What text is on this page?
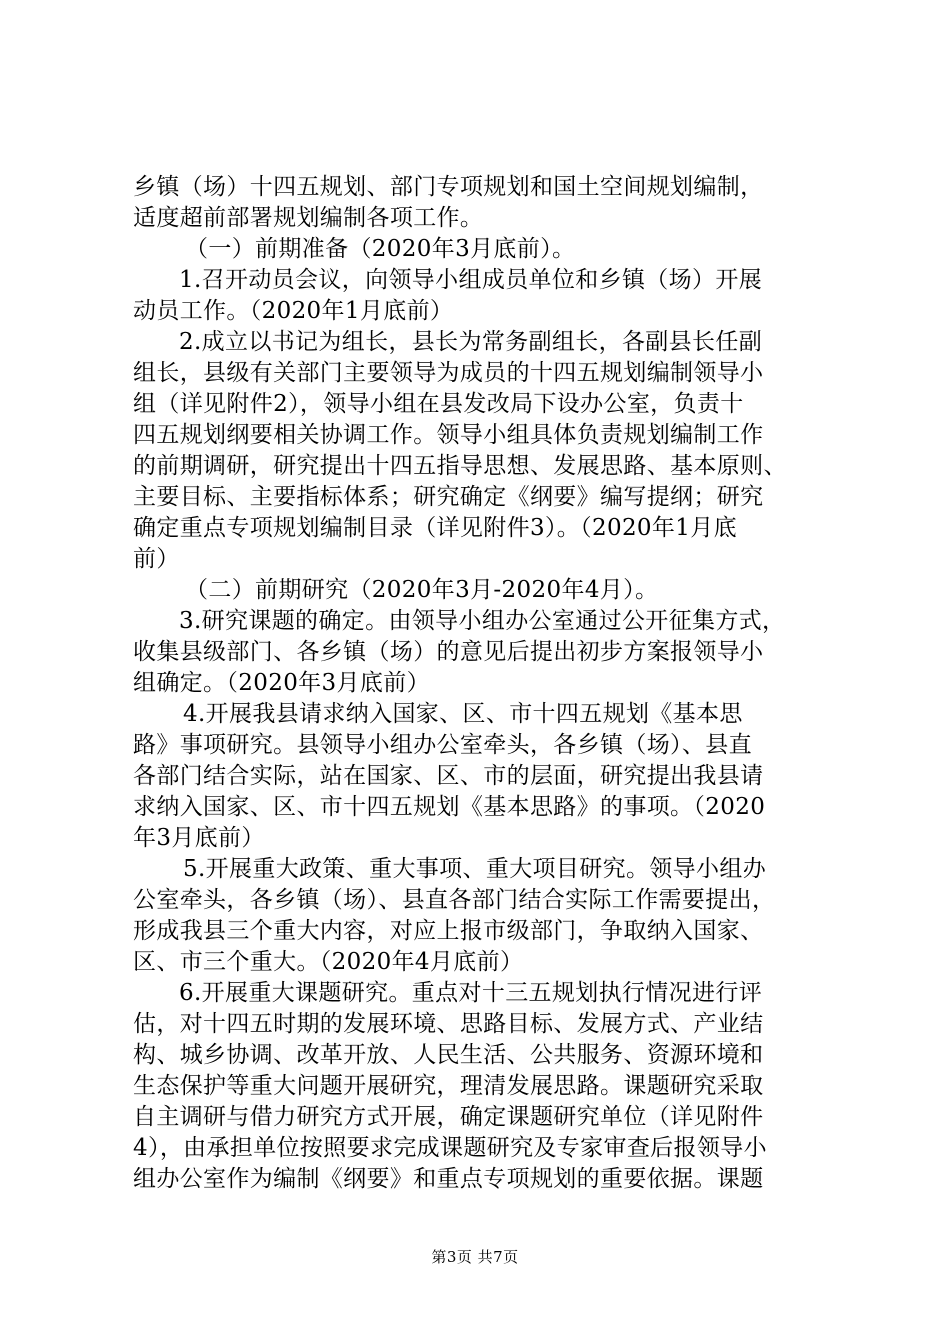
乡镇（场）十四五规划、部门专项规划和国土空间规划编制，
适度超前部署规划编制各项工作。
（一）前期准备（2020年3月底前）。
1.召开动员会议，向领导小组成员单位和乡镇（场）开展
动员工作。（2020年1月底前）
2.成立以书记为组长，县长为常务副组长，各副县长任副
组长，县级有关部门主要领导为成员的十四五规划编制领导小
组（详见附件2），领导小组在县发改局下设办公室，负责十
四五规划纲要相关协调工作。领导小组具体负责规划编制工作
的前期调研，研究提出十四五指导思想、发展思路、基本原则、
主要目标、主要指标体系；研究确定《纲要》编写提纲；研究
确定重点专项规划编制目录（详见附件3）。（2020年1月底
前）
（二）前期研究（2020年3月-2020年4月）。
3.研究课题的确定。由领导小组办公室通过公开征集方式，
收集县级部门、各乡镇（场）的意见后提出初步方案报领导小
组确定。（2020年3月底前）
4.开展我县请求纳入国家、区、市十四五规划《基本思
路》事项研究。县领导小组办公室牵头，各乡镇（场）、县直
各部门结合实际，站在国家、区、市的层面，研究提出我县请
求纳入国家、区、市十四五规划《基本思路》的事项。（2020
年3月底前）
5.开展重大政策、重大事项、重大项目研究。领导小组办
公室牵头，各乡镇（场）、县直各部门结合实际工作需要提出，
形成我县三个重大内容，对应上报市级部门，争取纳入国家、
区、市三个重大。（2020年4月底前）
6.开展重大课题研究。重点对十三五规划执行情况进行评
估，对十四五时期的发展环境、思路目标、发展方式、产业结
构、城乡协调、改革开放、人民生活、公共服务、资源环境和
生态保护等重大问题开展研究，理清发展思路。课题研究采取
自主调研与借力研究方式开展，确定课题研究单位（详见附件
4），由承担单位按照要求完成课题研究及专家审查后报领导小
组办公室作为编制《纲要》和重点专项规划的重要依据。课题
第3页 共7页
